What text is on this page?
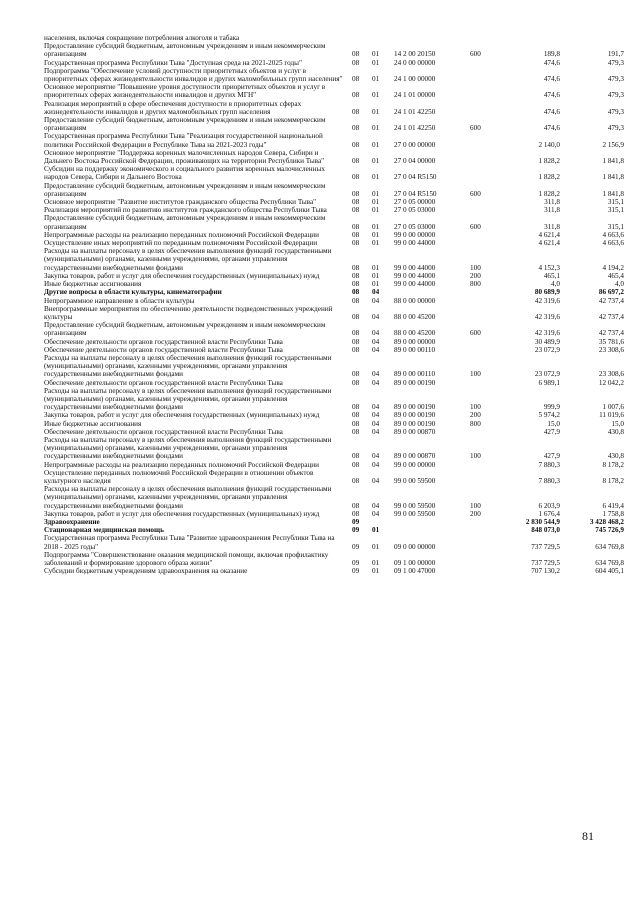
населения, включая сокращение потребления алкоголя и табака						
Предоставление субсидий бюджетным, автономным учреждениям и иным некоммерческим организациям	08	01	14 2 00 20150	600	189,8	191,7
Государственная программа Республики Тыва "Доступная среда на 2021-2025 годы"	08	01	24 0 00 00000		474,6	479,3
Подпрограмма "Обеспечение условий доступности приоритетных объектов и услуг в приоритетных сферах жизнедеятельности инвалидов и других маломобильных групп населения"	08	01	24 1 00 00000		474,6	479,3
Основное мероприятие "Повышение уровня доступности приоритетных объектов и услуг в приоритетных сферах жизнедеятельности инвалидов и других МГН"	08	01	24 1 01 00000		474,6	479,3
Реализация мероприятий в сфере обеспечения доступности в приоритетных сферах жизнедеятельности инвалидов и других маломобильных групп населения	08	01	24 1 01 42250		474,6	479,3
Предоставление субсидий бюджетным, автономным учреждениям и иным некоммерческим организациям	08	01	24 1 01 42250	600	474,6	479,3
Государственная программа Республики Тыва "Реализация государственной национальной политики Российской Федерации в Республике Тыва на 2021-2023 годы"	08	01	27 0 00 00000		2 140,0	2 156,9
Основное мероприятие "Поддержка коренных малочисленных народов Севера, Сибири и Дальнего Востока Российской Федерации, проживающих на территории Республики Тыва"	08	01	27 0 04 00000		1 828,2	1 841,8
Субсидии на поддержку экономического и социального развития коренных малочисленных народов Севера, Сибири и Дальнего Востока	08	01	27 0 04 R5150		1 828,2	1 841,8
Предоставление субсидий бюджетным, автономным учреждениям и иным некоммерческим организациям	08	01	27 0 04 R5150	600	1 828,2	1 841,8
Основное мероприятие "Развитие институтов гражданского общества Республики Тыва"	08	01	27 0 05 00000		311,8	315,1
Реализация мероприятий по развитию институтов гражданского общества Республики Тыва	08	01	27 0 05 03000		311,8	315,1
Предоставление субсидий бюджетным, автономным учреждениям и иным некоммерческим организациям	08	01	27 0 05 03000	600	311,8	315,1
Непрограммные расходы на реализацию переданных полномочий Российской Федерации	08	01	99 0 00 00000		4 621,4	4 663,6
Осуществление иных мероприятий по переданным полномочиям Российской Федерации	08	01	99 0 00 44000		4 621,4	4 663,6
Расходы на выплаты персоналу в целях обеспечения выполнения функций государственными (муниципальными) органами, казенными учреждениями, органами управления государственными внебюджетными фондами	08	01	99 0 00 44000	100	4 152,3	4 194,2
Закупка товаров, работ и услуг для обеспечения государственных (муниципальных) нужд	08	01	99 0 00 44000	200	465,1	465,4
Иные бюджетные ассигнования	08	01	99 0 00 44000	800	4,0	4,0
Другие вопросы в области культуры, кинематографии	08	04			80 689,9	86 697,2
Непрограммное направление в области культуры	08	04	88 0 00 00000		42 319,6	42 737,4
Внепрограммные мероприятия по обеспечению деятельности подведомственных учреждений культуры	08	04	88 0 00 45200		42 319,6	42 737,4
Предоставление субсидий бюджетным, автономным учреждениям и иным некоммерческим организациям	08	04	88 0 00 45200	600	42 319,6	42 737,4
Обеспечение деятельности органов государственной власти Республики Тыва	08	04	89 0 00 00000		30 489,9	35 781,6
Обеспечение деятельности органов государственной власти Республики Тыва	08	04	89 0 00 00110		23 072,9	23 308,6
Расходы на выплаты персоналу в целях обеспечения выполнения функций государственными (муниципальными) органами, казенными учреждениями, органами управления государственными внебюджетными фондами	08	04	89 0 00 00110	100	23 072,9	23 308,6
Обеспечение деятельности органов государственной власти Республики Тыва	08	04	89 0 00 00190		6 989,1	12 042,2
Расходы на выплаты персоналу в целях обеспечения выполнения функций государственными (муниципальными) органами, казенными учреждениями, органами управления государственными внебюджетными фондами	08	04	89 0 00 00190	100	999,9	1 007,6
Закупка товаров, работ и услуг для обеспечения государственных (муниципальных) нужд	08	04	89 0 00 00190	200	5 974,2	11 019,6
Иные бюджетные ассигнования	08	04	89 0 00 00190	800	15,0	15,0
Обеспечение деятельности органов государственной власти Республики Тыва	08	04	89 0 00 00870		427,9	430,8
Расходы на выплаты персоналу в целях обеспечения выполнения функций государственными (муниципальными) органами, казенными учреждениями, органами управления государственными внебюджетными фондами	08	04	89 0 00 00870	100	427,9	430,8
Непрограммные расходы на реализацию переданных полномочий Российской Федерации	08	04	99 0 00 00000		7 880,3	8 178,2
Осуществление переданных полномочий Российской Федерации в отношении объектов культурного наследия	08	04	99 0 00 59500		7 880,3	8 178,2
Расходы на выплаты персоналу в целях обеспечения выполнения функций государственными (муниципальными) органами, казенными учреждениями, органами управления государственными внебюджетными фондами	08	04	99 0 00 59500	100	6 203,9	6 419,4
Закупка товаров, работ и услуг для обеспечения государственных (муниципальных) нужд	08	04	99 0 00 59500	200	1 676,4	1 758,8
Здравоохранение	09				2 830 544,9	3 428 468,2
Стационарная медицинская помощь	09	01			848 073,0	745 726,9
Государственная программа Республики Тыва "Развитие здравоохранения Республики Тыва на 2018 - 2025 годы"	09	01	09 0 00 00000		737 729,5	634 769,8
Подпрограмма "Совершенствование оказания медицинской помощи, включая профилактику заболеваний и формирование здорового образа жизни"	09	01	09 1 00 00000		737 729,5	634 769,8
Субсидии бюджетным учреждениям здравоохранения на оказание	09	01	09 1 00 47000		707 130,2	604 405,1
81
